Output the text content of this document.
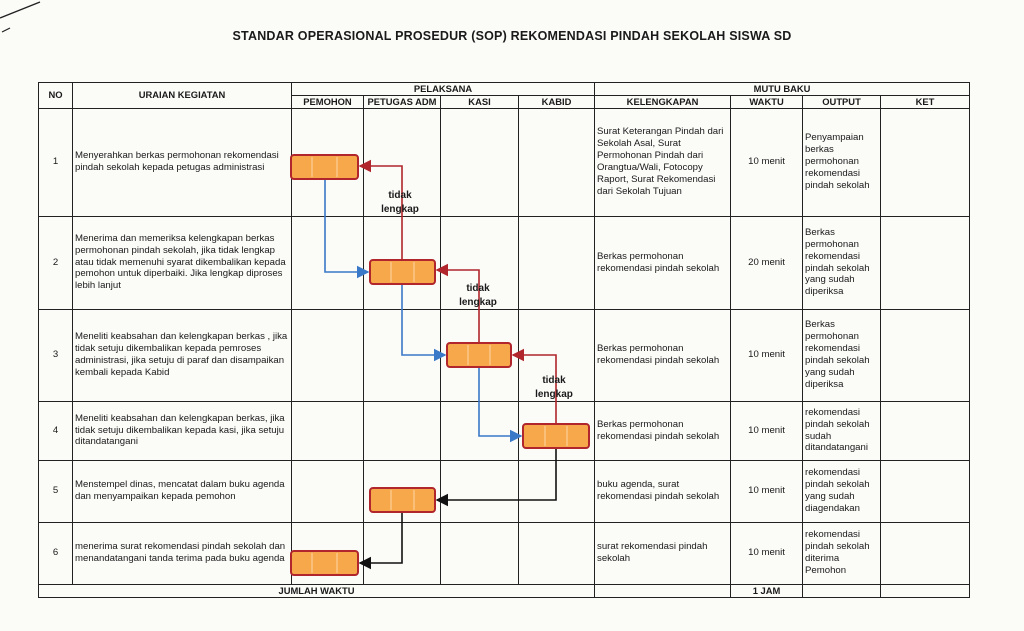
STANDAR OPERASIONAL PROSEDUR (SOP) REKOMENDASI PINDAH SEKOLAH SISWA SD
NO	URAIAN KEGIATAN	PELAKSANA				MUTU BAKU			
		PEMOHON	PETUGAS ADM	KASI	KABID	KELENGKAPAN	WAKTU	OUTPUT	KET
1	Menyerahkan berkas permohonan rekomendasi pindah sekolah kepada petugas administrasi					Surat Keterangan Pindah dari Sekolah Asal, Surat Permohonan Pindah dari Orangtua/Wali, Fotocopy Raport, Surat Rekomendasi dari Sekolah Tujuan	10 menit	Penyampaian berkas permohonan rekomendasi pindah sekolah	
2	Menerima dan memeriksa kelengkapan berkas permohonan pindah sekolah, jika tidak lengkap atau tidak memenuhi syarat dikembalikan kepada pemohon untuk diperbaiki. Jika lengkap diproses lebih lanjut					Berkas permohonan rekomendasi pindah sekolah	20 menit	Berkas permohonan rekomendasi pindah sekolah yang sudah diperiksa	
3	Meneliti keabsahan dan kelengkapan berkas , jika tidak setuju dikembalikan kepada pemroses administrasi, jika setuju di paraf dan disampaikan kembali kepada Kabid					Berkas permohonan rekomendasi pindah sekolah	10 menit	Berkas permohonan rekomendasi pindah sekolah yang sudah diperiksa	
4	Meneliti keabsahan dan kelengkapan berkas, jika tidak setuju dikembalikan kepada kasi, jika setuju ditandatangani					Berkas permohonan rekomendasi pindah sekolah	10 menit	rekomendasi pindah sekolah sudah ditandatangani	
5	Menstempel dinas, mencatat dalam buku agenda dan menyampaikan kepada pemohon					buku agenda, surat rekomendasi pindah sekolah	10 menit	rekomendasi pindah sekolah yang sudah diagendakan	
6	menerima surat rekomendasi pindah sekolah dan menandatangani tanda terima pada buku agenda					surat rekomendasi pindah sekolah	10 menit	rekomendasi pindah sekolah diterima Pemohon	
JUMLAH WAKTU							1 JAM		
tidak lengkap
tidak lengkap
tidak lengkap
